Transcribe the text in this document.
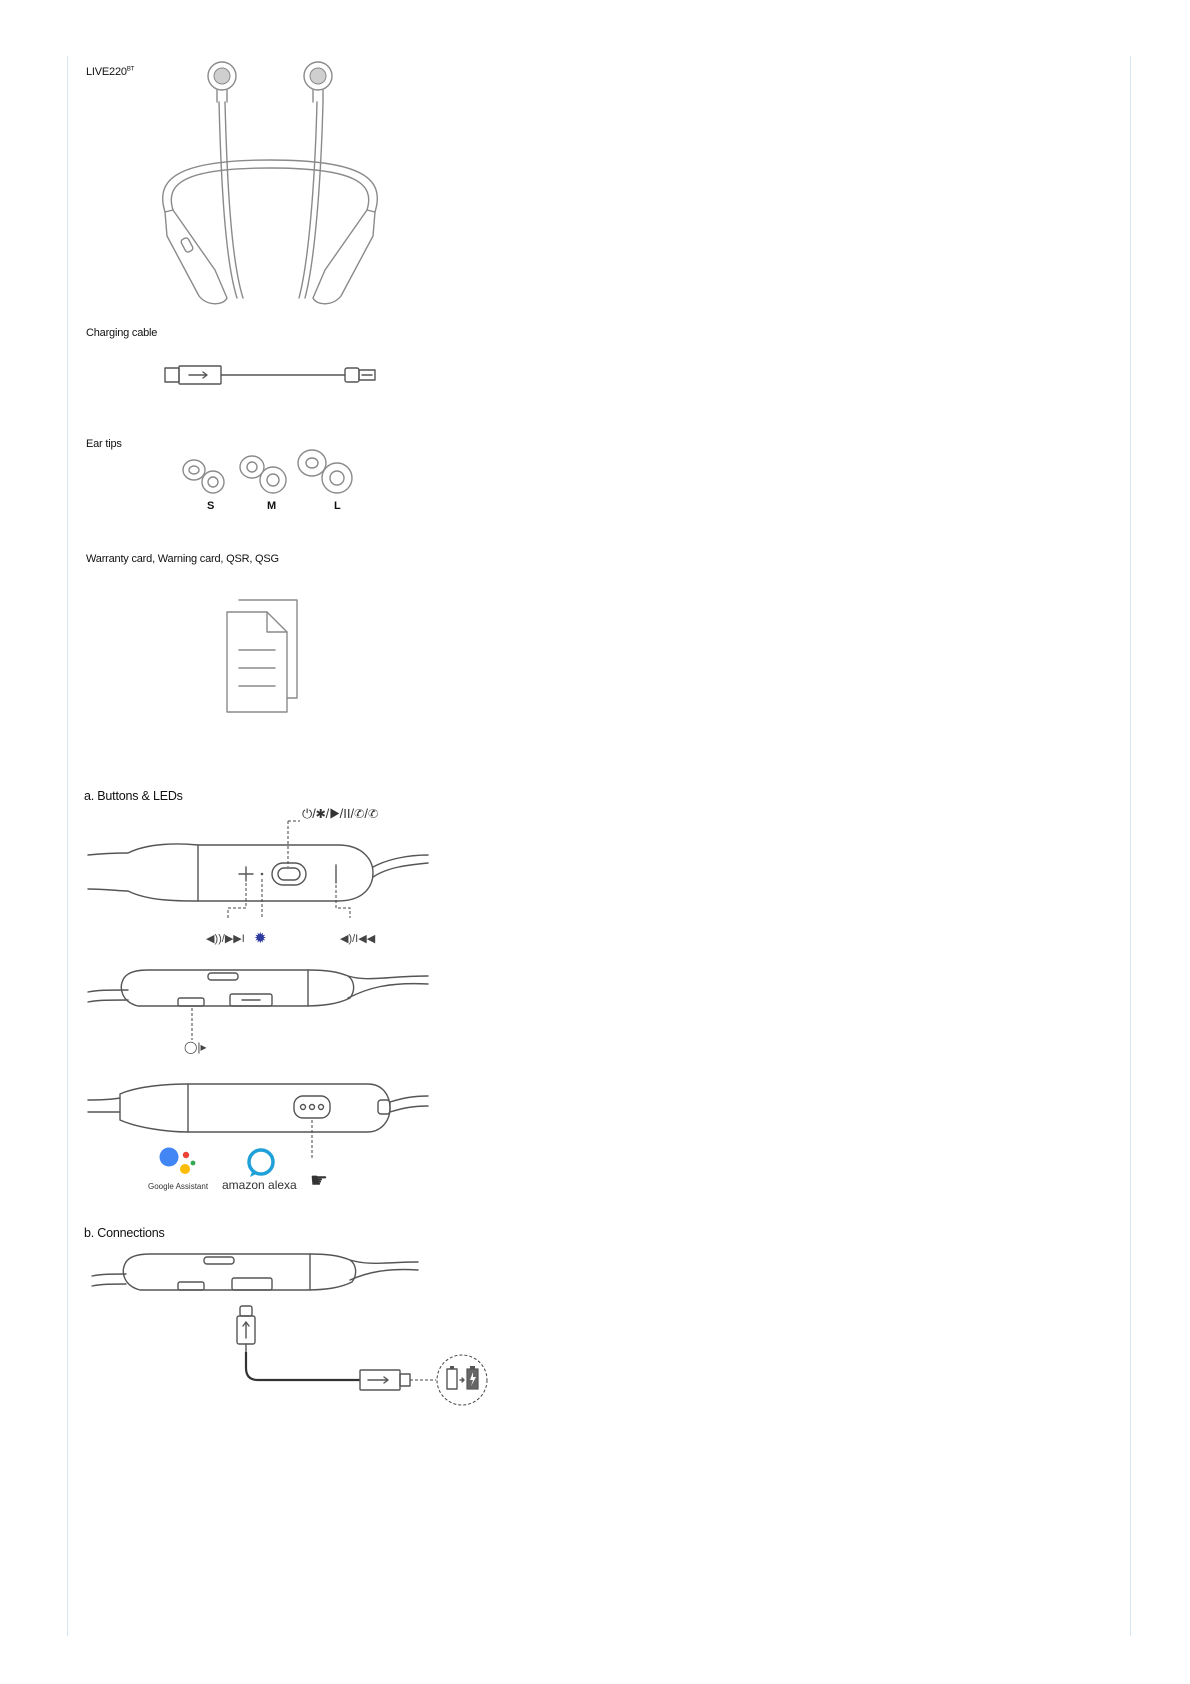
$LIVE220^{BT}$
Charging cable
Ear tips
S	M	L
Warranty card, Warning card, QSR, QSG
a. Buttons & LEDs
⏻/✱/▶/II/✆/✆
◀))/▶▶I ✹	◀)/I◀◀
◯|▸
Google Assistant amazon alexa ☛
b. Connections
